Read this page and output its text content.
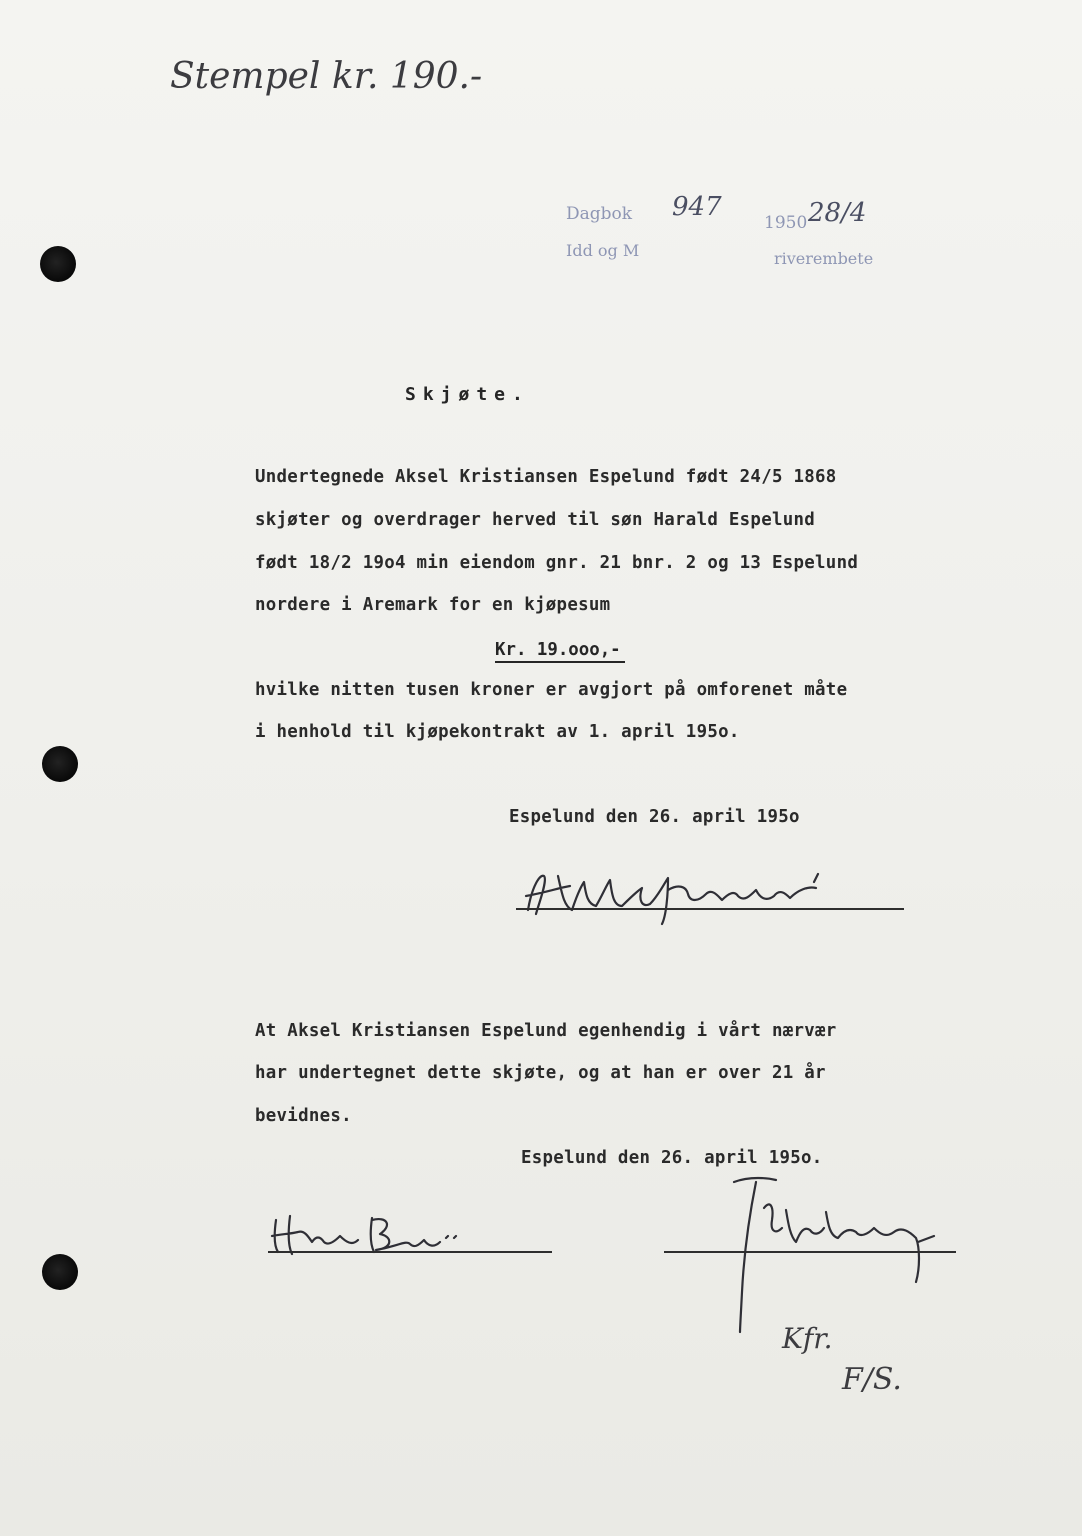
Stempel kr. 190.-
Dagbok 947
1950 28/4
Idd og M	riverembete
Skjøte.
Undertegnede Aksel Kristiansen Espelund født 24/5 1868
skjøter og overdrager herved til søn Harald Espelund
født 18/2 19o4 min eiendom gnr. 21 bnr. 2 og 13 Espelund
nordere i Aremark for en kjøpesum
Kr. 19.ooo,-
hvilke nitten tusen kroner er avgjort på omforenet måte
i henhold til kjøpekontrakt av 1. april 195o.
Espelund den 26. april 195o
At Aksel Kristiansen Espelund egenhendig i vårt nærvær
har undertegnet dette skjøte, og at han er over 21 år
bevidnes.
Espelund den 26. april 195o.
Kfr.
F/S.
